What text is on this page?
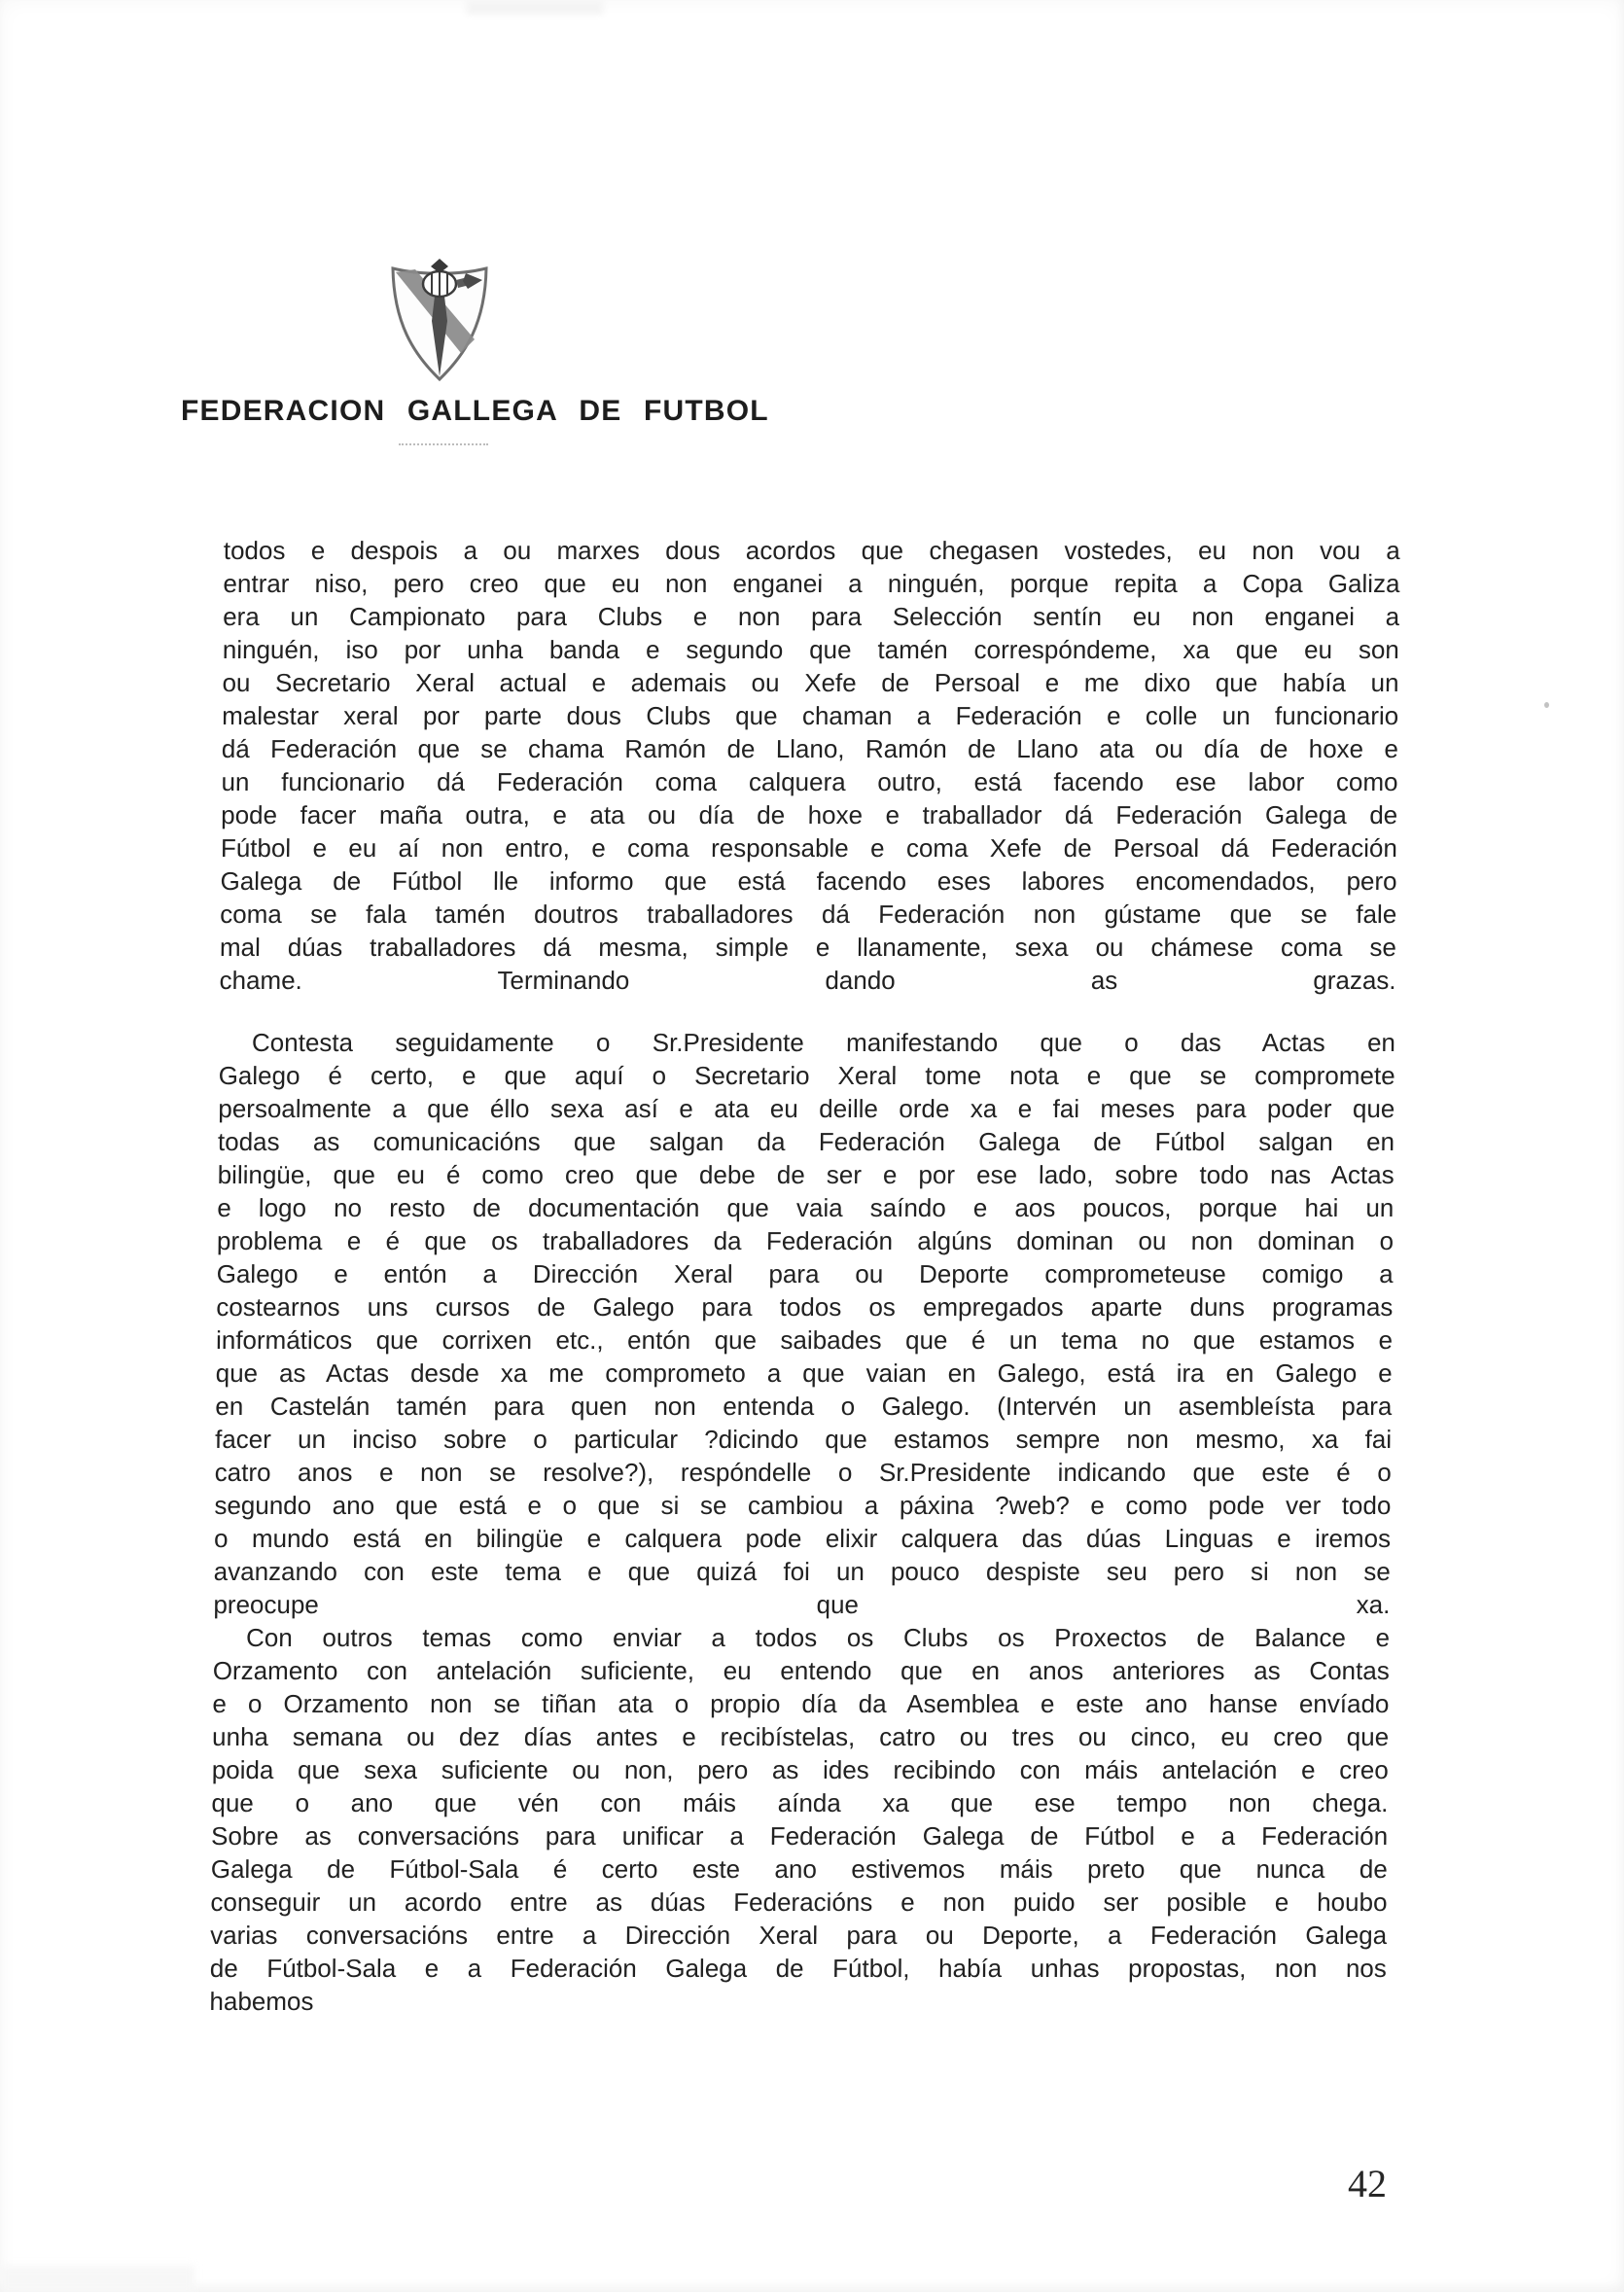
FEDERACION GALLEGA DE FUTBOL
todos e despois a ou marxes dous acordos que chegasen vostedes, eu non vou a
entrar niso, pero creo que eu non enganei a ninguén, porque repita a Copa Galiza
era un Campionato para Clubs e non para Selección sentín eu non enganei a
ninguén, iso por unha banda e segundo que tamén correspóndeme, xa que eu son
ou Secretario Xeral actual e ademais ou Xefe de Persoal e me dixo que había un
malestar xeral por parte dous Clubs que chaman a Federación e colle un funcionario
dá Federación que se chama Ramón de Llano, Ramón de Llano ata ou día de hoxe e
un funcionario dá Federación coma calquera outro, está facendo ese labor como
pode facer maña outra, e ata ou día de hoxe e traballador dá Federación Galega de
Fútbol e eu aí non entro, e coma responsable e coma Xefe de Persoal dá Federación
Galega de Fútbol lle informo que está facendo eses labores encomendados, pero
coma se fala tamén doutros traballadores dá Federación non gústame que se fale
mal dúas traballadores dá mesma, simple e llanamente, sexa ou chámese coma se
chame. Terminando dando as grazas.
Contesta seguidamente o Sr.Presidente manifestando que o das Actas en
Galego é certo, e que aquí o Secretario Xeral tome nota e que se compromete
persoalmente a que éllo sexa así e ata eu deille orde xa e fai meses para poder que
todas as comunicacións que salgan da Federación Galega de Fútbol salgan en
bilingüe, que eu é como creo que debe de ser e por ese lado, sobre todo nas Actas
e logo no resto de documentación que vaia saíndo e aos poucos, porque hai un
problema e é que os traballadores da Federación algúns dominan ou non dominan o
Galego e entón a Dirección Xeral para ou Deporte comprometeuse comigo a
costearnos uns cursos de Galego para todos os empregados aparte duns programas
informáticos que corrixen etc., entón que saibades que é un tema no que estamos e
que as Actas desde xa me comprometo a que vaian en Galego, está ira en Galego e
en Castelán tamén para quen non entenda o Galego. (Intervén un asembleísta para
facer un inciso sobre o particular ?dicindo que estamos sempre non mesmo, xa fai
catro anos e non se resolve?), respóndelle o Sr.Presidente indicando que este é o
segundo ano que está e o que si se cambiou a páxina ?web? e como pode ver todo
o mundo está en bilingüe e calquera pode elixir calquera das dúas Linguas e iremos
avanzando con este tema e que quizá foi un pouco despiste seu pero si non se
preocupe que xa.
Con outros temas como enviar a todos os Clubs os Proxectos de Balance e
Orzamento con antelación suficiente, eu entendo que en anos anteriores as Contas
e o Orzamento non se tiñan ata o propio día da Asemblea e este ano hanse envíado
unha semana ou dez días antes e recibístelas, catro ou tres ou cinco, eu creo que
poida que sexa suficiente ou non, pero as ides recibindo con máis antelación e creo
que o ano que vén con máis aínda xa que ese tempo non chega.
Sobre as conversacións para unificar a Federación Galega de Fútbol e a Federación
Galega de Fútbol-Sala é certo este ano estivemos máis preto que nunca de
conseguir un acordo entre as dúas Federacións e non puido ser posible e houbo
varias conversacións entre a Dirección Xeral para ou Deporte, a Federación Galega
de Fútbol-Sala e a Federación Galega de Fútbol, había unhas propostas, non nos
habemos
42
